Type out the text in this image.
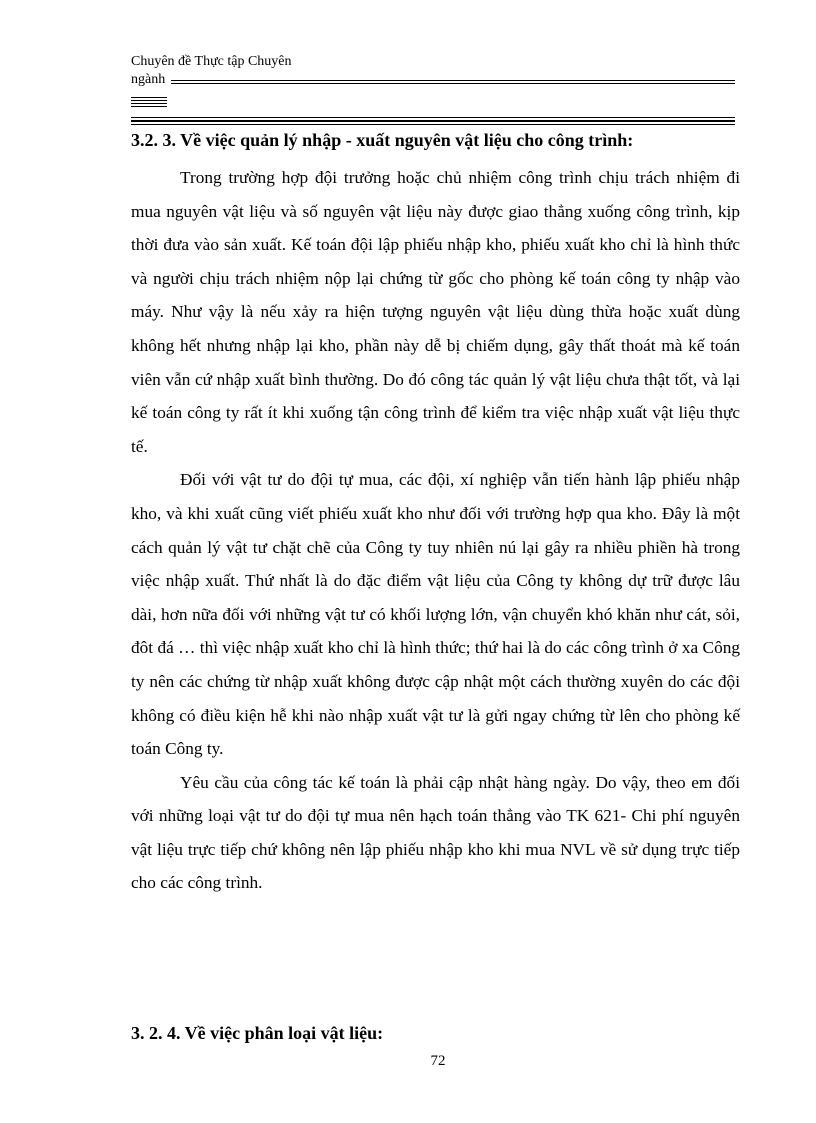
Chuyên đề Thực tập Chuyên
ngành
3.2. 3. Về việc quản lý nhập - xuất nguyên vật liệu cho công trình:

Trong trường hợp đội trưởng hoặc chủ nhiệm công trình chịu trách nhiệm đi mua nguyên vật liệu và số nguyên vật liệu này được giao thẳng xuống công trình, kịp thời đưa vào sản xuất. Kế toán đội lập phiếu nhập kho, phiếu xuất kho chỉ là hình thức và người chịu trách nhiệm nộp lại chứng từ gốc cho phòng kế toán công ty nhập vào máy. Như vậy là nếu xảy ra hiện tượng nguyên vật liệu dùng thừa hoặc xuất dùng không hết nhưng nhập lại kho, phần này dễ bị chiếm dụng, gây thất thoát mà kế toán viên vẫn cứ nhập xuất bình thường. Do đó công tác quản lý vật liệu chưa thật tốt, và lại kế toán công ty rất ít khi xuống tận công trình để kiểm tra việc nhập xuất vật liệu thực tế.

Đối với vật tư do đội tự mua, các đội, xí nghiệp vẫn tiến hành lập phiếu nhập kho, và khi xuất cũng viết phiếu xuất kho như đối với trường hợp qua kho. Đây là một cách quản lý vật tư chặt chẽ của Công ty tuy nhiên nú lại gây ra nhiều phiền hà trong việc nhập xuất. Thứ nhất là do đặc điểm vật liệu của Công ty không dự trữ được lâu dài, hơn nữa đối với những vật tư có khối lượng lớn, vận chuyển khó khăn như cát, sỏi, đôt đá … thì việc nhập xuất kho chỉ là hình thức; thứ hai là do các công trình ở xa Công ty nên các chứng từ nhập xuất không được cập nhật một cách thường xuyên do các đội không có điều kiện hễ khi nào nhập xuất vật tư là gửi ngay chứng từ lên cho phòng kế toán Công ty.

Yêu cầu của công tác kế toán là phải cập nhật hàng ngày. Do vậy, theo em đối với những loại vật tư do đội tự mua nên hạch toán thẳng vào TK 621- Chi phí nguyên vật liệu trực tiếp chứ không nên lập phiếu nhập kho khi mua NVL về sử dụng trực tiếp cho các công trình.

3. 2. 4. Về việc phân loại vật liệu:
72
